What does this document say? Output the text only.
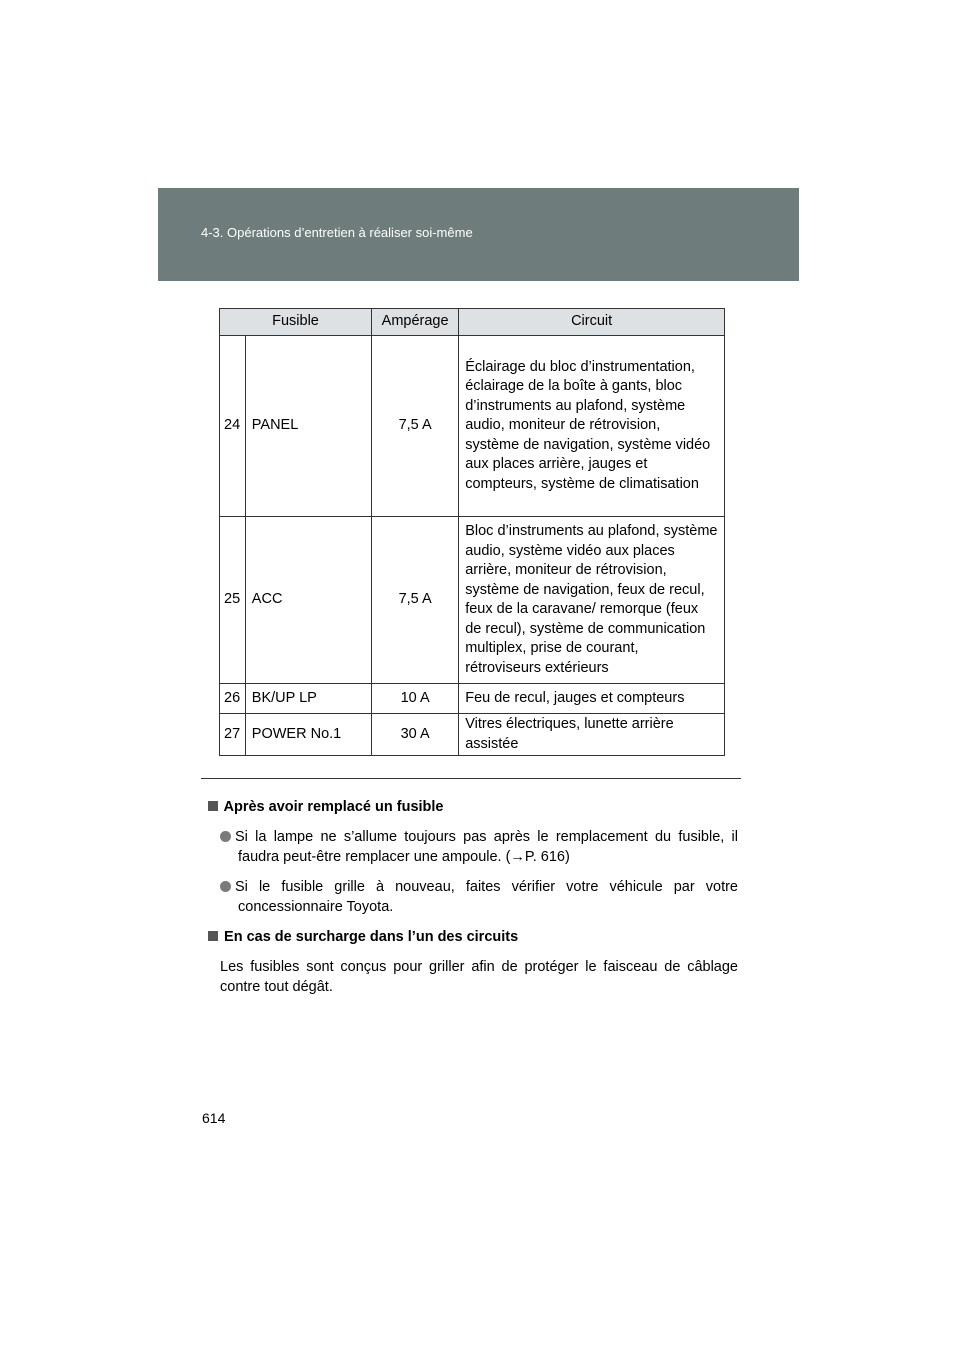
4-3. Opérations d’entretien à réaliser soi-même
Fusible		Ampérage	Circuit
24	PANEL	7,5 A	Éclairage du bloc d’instrumentation, éclairage de la boîte à gants, bloc d’instruments au plafond, système audio, moniteur de rétrovision, système de navigation, système vidéo aux places arrière, jauges et compteurs, système de climatisation
25	ACC	7,5 A	Bloc d’instruments au plafond, système audio, système vidéo aux places arrière, moniteur de rétrovision, système de navigation, feux de recul, feux de la caravane/ remorque (feux de recul), système de communication multiplex, prise de courant, rétroviseurs extérieurs
26	BK/UP LP	10 A	Feu de recul, jauges et compteurs
27	POWER No.1	30 A	Vitres électriques, lunette arrière assistée
Après avoir remplacé un fusible
Si la lampe ne s’allume toujours pas après le remplacement du fusible, il faudra peut-être remplacer une ampoule. (→P. 616)
Si le fusible grille à nouveau, faites vérifier votre véhicule par votre concessionnaire Toyota.
En cas de surcharge dans l’un des circuits
Les fusibles sont conçus pour griller afin de protéger le faisceau de câblage contre tout dégât.
614
